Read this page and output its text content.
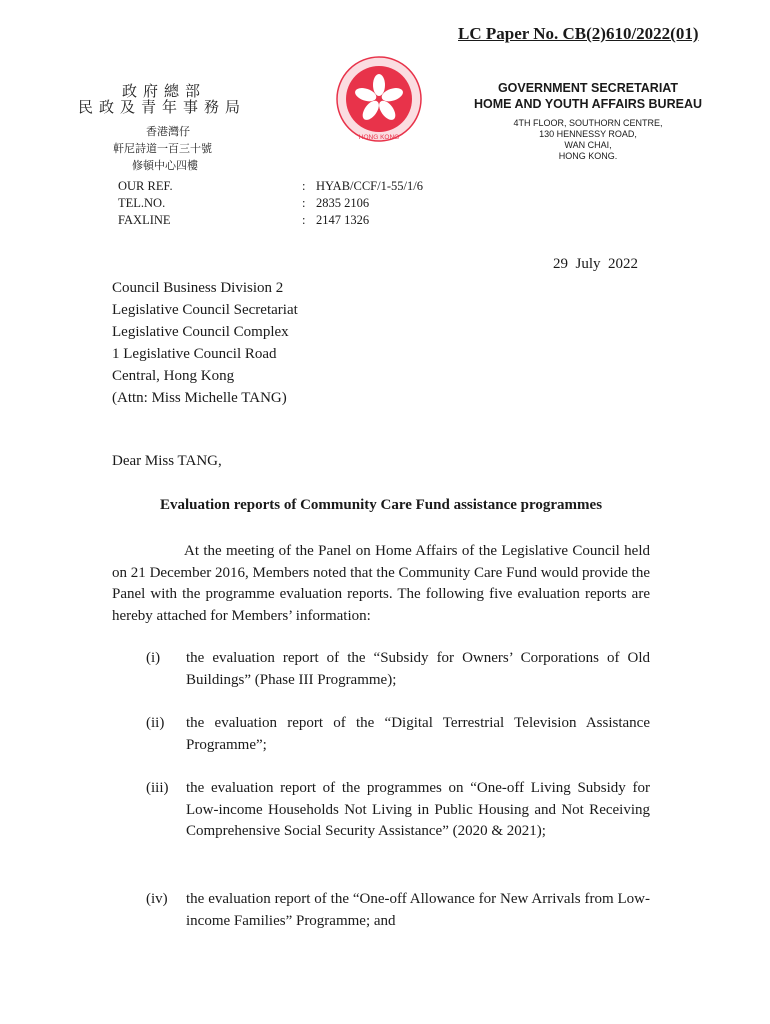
LC Paper No. CB(2)610/2022(01)
政府總部
民政及青年事務局
香港灣仔
軒尼詩道一百三十號
修頓中心四樓
HONG KONG
GOVERNMENT SECRETARIAT
HOME AND YOUTH AFFAIRS BUREAU
4TH FLOOR, SOUTHORN CENTRE,
130 HENNESSY ROAD,
WAN CHAI,
HONG KONG.
OUR REF.	: HYAB/CCF/1-55/1/6
TEL.NO.	: 2835 2106
FAXLINE	: 2147 1326
29  July  2022
Council Business Division 2
Legislative Council Secretariat
Legislative Council Complex
1 Legislative Council Road
Central, Hong Kong
(Attn: Miss Michelle TANG)
Dear Miss TANG,
Evaluation reports of Community Care Fund assistance programmes
At the meeting of the Panel on Home Affairs of the Legislative Council held on 21 December 2016, Members noted that the Community Care Fund would provide the Panel with the programme evaluation reports. The following five evaluation reports are hereby attached for Members’ information:
(i)	the evaluation report of the “Subsidy for Owners’ Corporations of Old Buildings” (Phase III Programme);
(ii)	the evaluation report of the “Digital Terrestrial Television Assistance Programme”;
(iii)	the evaluation report of the programmes on “One-off Living Subsidy for Low-income Households Not Living in Public Housing and Not Receiving Comprehensive Social Security Assistance” (2020 & 2021);
(iv)	the evaluation report of the “One-off Allowance for New Arrivals from Low-income Families” Programme; and
